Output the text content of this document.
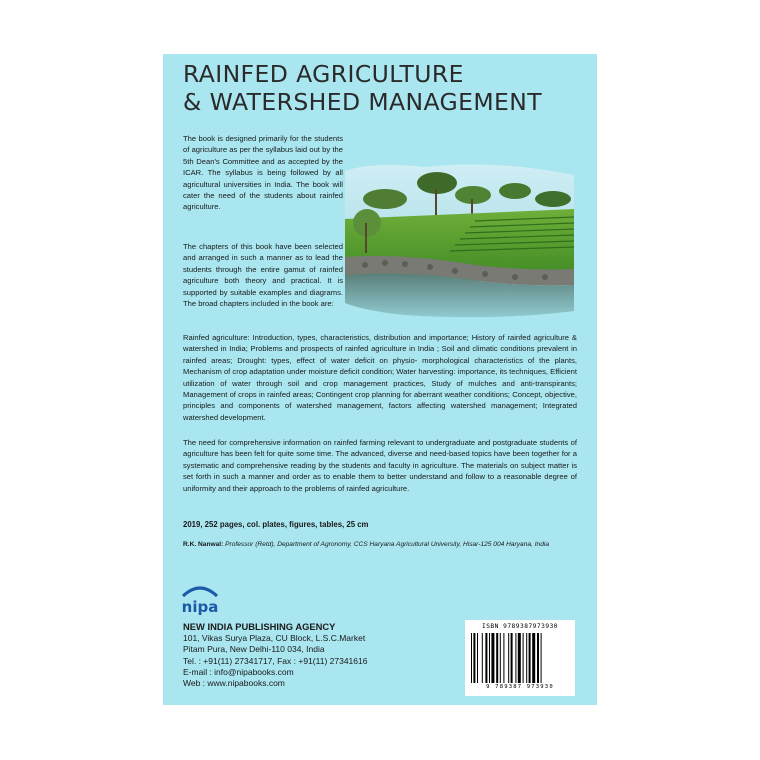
RAINFED AGRICULTURE
& WATERSHED MANAGEMENT
The book is designed primarily for the students of agriculture as per the syllabus laid out by the 5th Dean's Committee and as accepted by the ICAR. The syllabus is being followed by all agricultural universities in India. The book will cater the need of the students about rainfed agriculture.
The chapters of this book have been selected and arranged in such a manner as to lead the students through the entire gamut of rainfed agriculture both theory and practical. It is supported by suitable examples and diagrams. The broad chapters included in the book are:
Rainfed agriculture: Introduction, types, characteristics, distribution and importance; History of rainfed agriculture & watershed in India; Problems and prospects of rainfed agriculture in India ; Soil and climatic conditions prevalent in rainfed areas; Drought: types, effect of water deficit on physio- morphological characteristics of the plants, Mechanism of crop adaptation under moisture deficit condition; Water harvesting: importance, its techniques, Efficient utilization of water through soil and crop management practices, Study of mulches and anti-transpirants; Management of crops in rainfed areas; Contingent crop planning for aberrant weather conditions; Concept, objective, principles and components of watershed management, factors affecting watershed management; Integrated watershed development.
The need for comprehensive information on rainfed farming relevant to undergraduate and postgraduate students of agriculture has been felt for quite some time. The advanced, diverse and need-based topics have been together for a systematic and comprehensive reading by the students and faculty in agriculture. The materials on subject matter is set forth in such a manner and order as to enable them to better understand and follow to a reasonable degree of uniformity and their approach to the problems of rainfed agriculture.
2019, 252 pages, col. plates, figures, tables, 25 cm
R.K. Nanwal: Professor (Retd), Department of Agronomy, CCS Haryana Agricultural University, Hisar-125 004 Haryana, India
nipa
NEW INDIA PUBLISHING AGENCY
101, Vikas Surya Plaza, CU Block, L.S.C.Market
Pitam Pura, New Delhi-110 034, India
Tel. : +91(11) 27341717, Fax : +91(11) 27341616
E-mail : info@nipabooks.com
Web : www.nipabooks.com
ISBN 9789387973930
9 789387 973930
